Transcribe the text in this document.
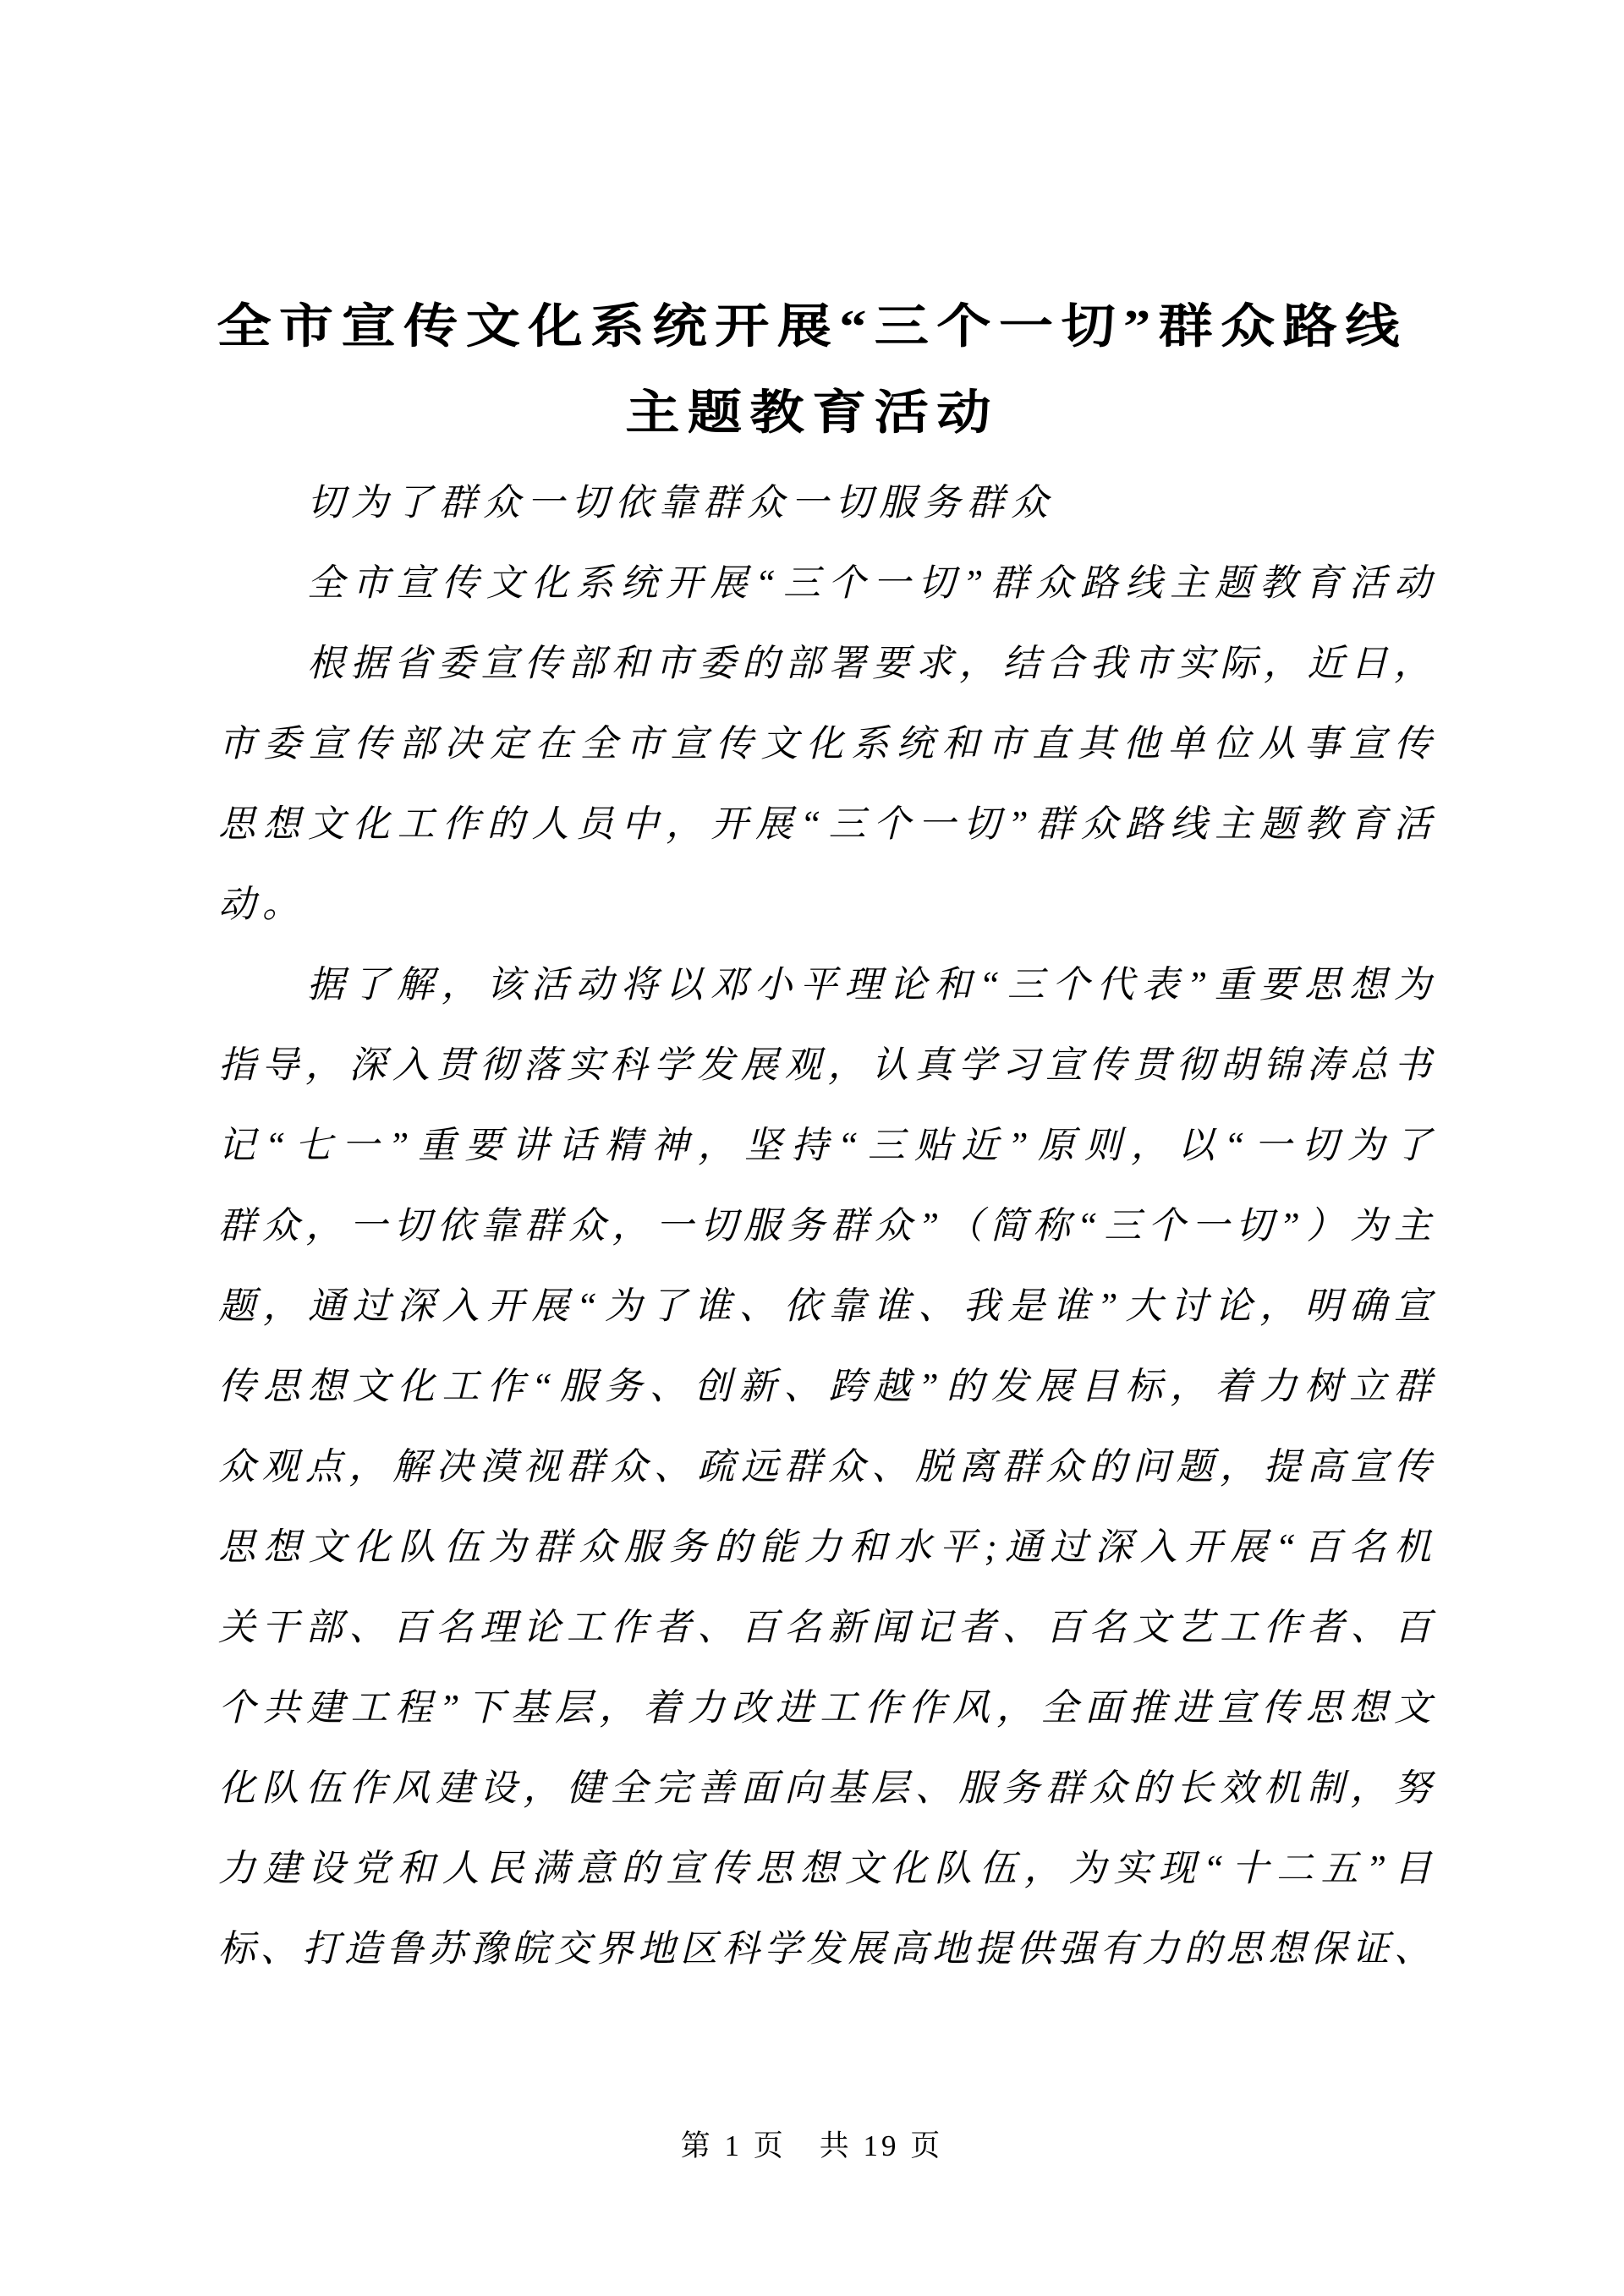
全市宣传文化系统开展“三个一切”群众路线
主题教育活动
切为了群众一切依靠群众一切服务群众
全市宣传文化系统开展“三个一切”群众路线主题教育活动
根据省委宣传部和市委的部署要求，结合我市实际，近日，
市委宣传部决定在全市宣传文化系统和市直其他单位从事宣传
思想文化工作的人员中，开展“三个一切”群众路线主题教育活
动。
据了解，该活动将以邓小平理论和“三个代表”重要思想为
指导，深入贯彻落实科学发展观，认真学习宣传贯彻胡锦涛总书
记“七一”重要讲话精神，坚持“三贴近”原则，以“一切为了
群众，一切依靠群众，一切服务群众”（简称“三个一切”）为主
题，通过深入开展“为了谁、依靠谁、我是谁”大讨论，明确宣
传思想文化工作“服务、创新、跨越”的发展目标，着力树立群
众观点，解决漠视群众、疏远群众、脱离群众的问题，提高宣传
思想文化队伍为群众服务的能力和水平;通过深入开展“百名机
关干部、百名理论工作者、百名新闻记者、百名文艺工作者、百
个共建工程”下基层，着力改进工作作风，全面推进宣传思想文
化队伍作风建设，健全完善面向基层、服务群众的长效机制，努
力建设党和人民满意的宣传思想文化队伍，为实现“十二五”目
标、打造鲁苏豫皖交界地区科学发展高地提供强有力的思想保证、
第 1 页　共 19 页
